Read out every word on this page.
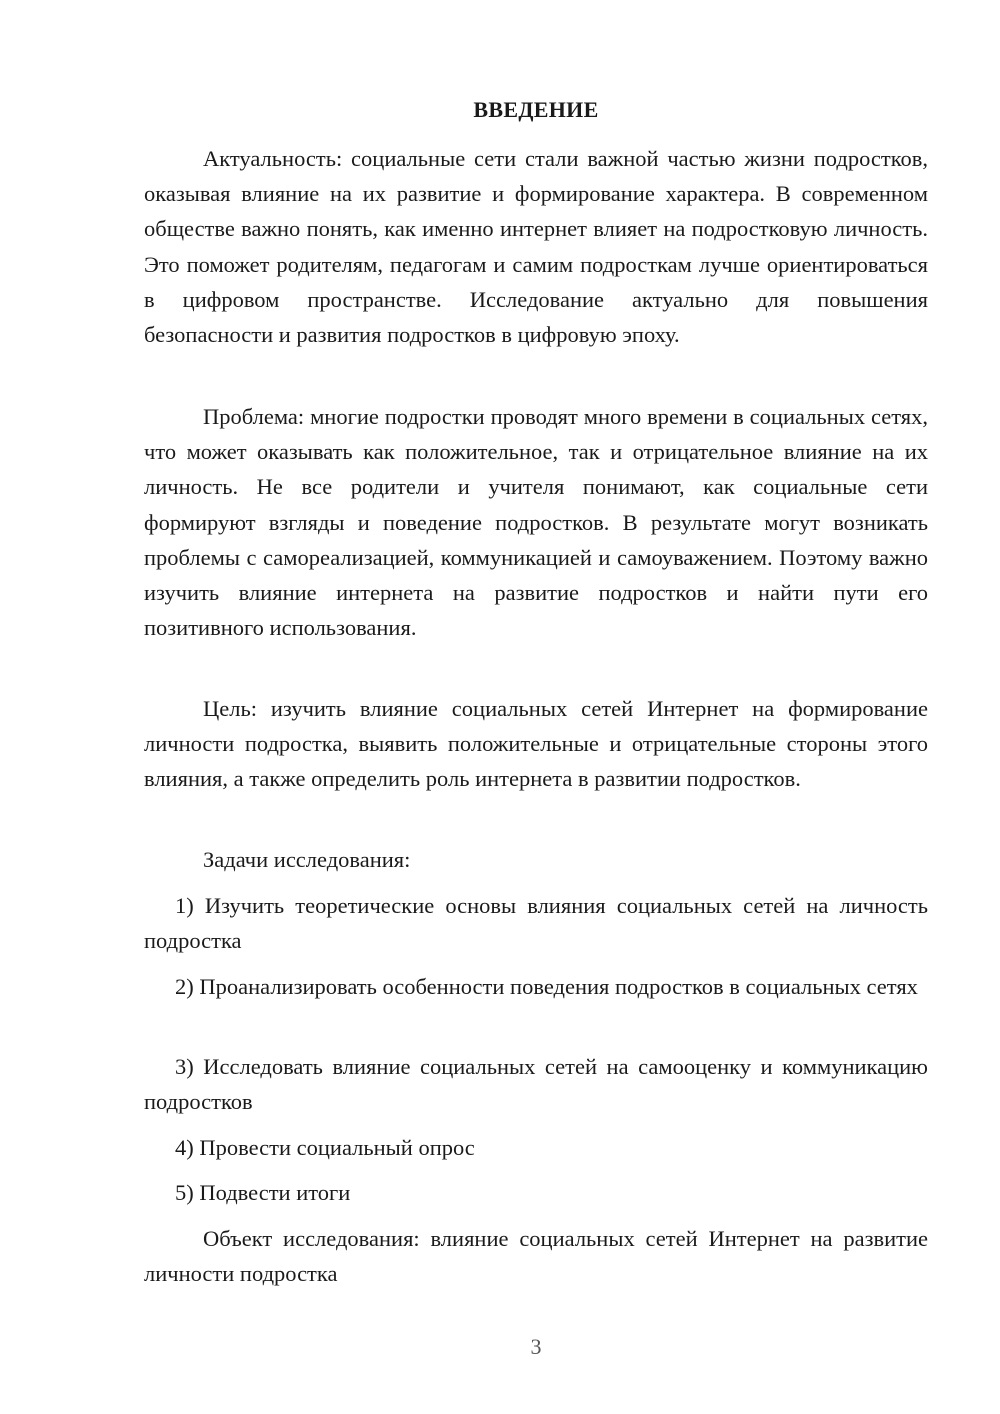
ВВЕДЕНИЕ

Актуальность: социальные сети стали важной частью жизни подростков, оказывая влияние на их развитие и формирование характера. В современном обществе важно понять, как именно интернет влияет на подростковую личность. Это поможет родителям, педагогам и самим подросткам лучше ориентироваться в цифровом пространстве. Исследование актуально для повышения безопасности и развития подростков в цифровую эпоху.

Проблема: многие подростки проводят много времени в социальных сетях, что может оказывать как положительное, так и отрицательное влияние на их личность. Не все родители и учителя понимают, как социальные сети формируют взгляды и поведение подростков. В результате могут возникать проблемы с самореализацией, коммуникацией и самоуважением. Поэтому важно изучить влияние интернета на развитие подростков и найти пути его позитивного использования.

Цель: изучить влияние социальных сетей Интернет на формирование личности подростка, выявить положительные и отрицательные стороны этого влияния, а также определить роль интернета в развитии подростков.

Задачи исследования:

1) Изучить теоретические основы влияния социальных сетей на личность подростка

2) Проанализировать особенности поведения подростков в социальных сетях

3) Исследовать влияние социальных сетей на самооценку и коммуникацию подростков

4) Провести социальный опрос

5) Подвести итоги

Объект исследования: влияние социальных сетей Интернет на развитие личности подростка

3
